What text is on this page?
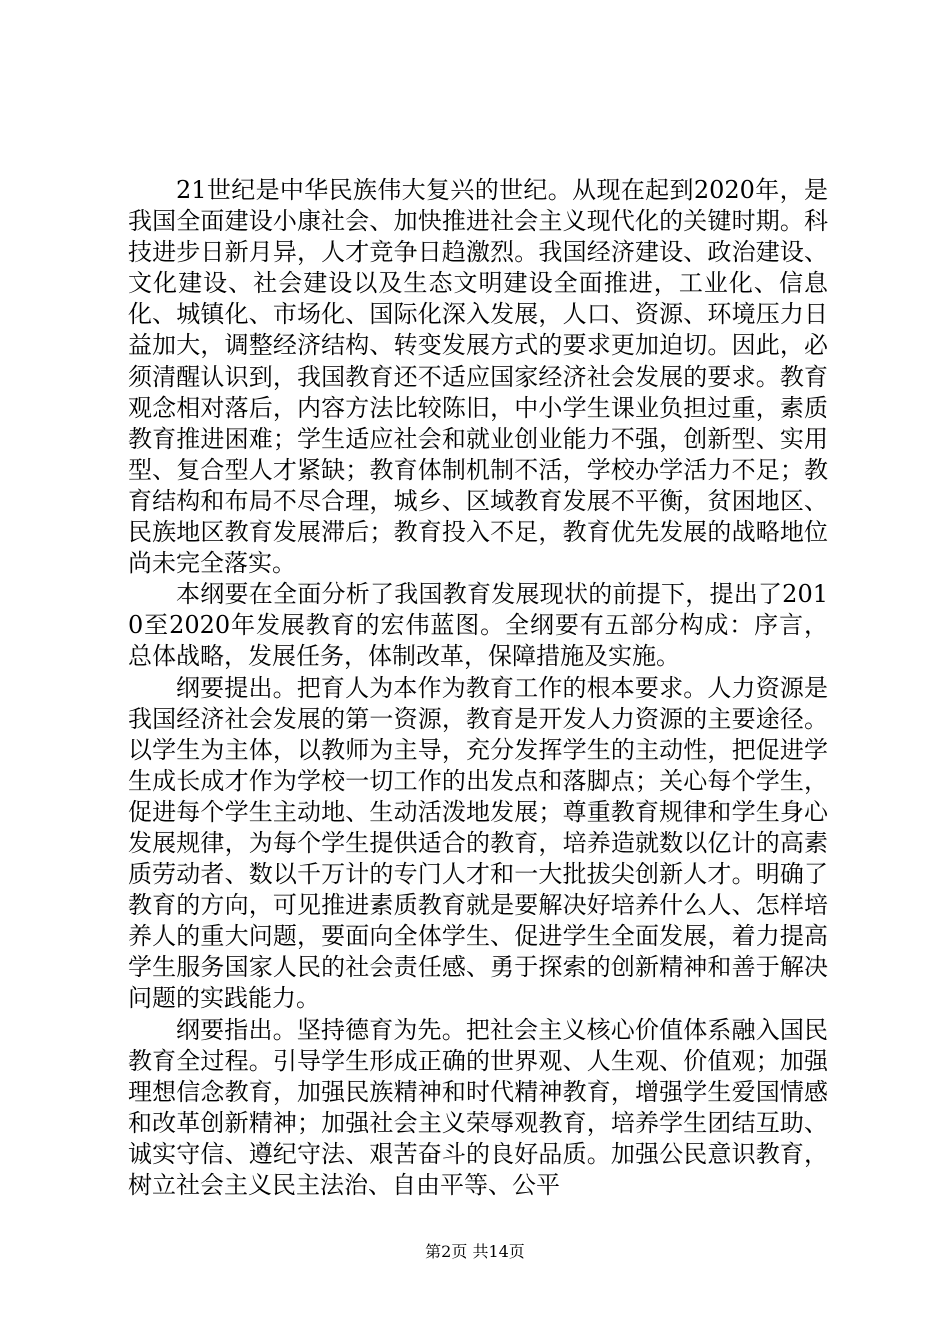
21世纪是中华民族伟大复兴的世纪。从现在起到2020年，是我国全面建设小康社会、加快推进社会主义现代化的关键时期。科技进步日新月异，人才竞争日趋激烈。我国经济建设、政治建设、文化建设、社会建设以及生态文明建设全面推进，工业化、信息化、城镇化、市场化、国际化深入发展，人口、资源、环境压力日益加大，调整经济结构、转变发展方式的要求更加迫切。因此，必须清醒认识到，我国教育还不适应国家经济社会发展的要求。教育观念相对落后，内容方法比较陈旧，中小学生课业负担过重，素质教育推进困难；学生适应社会和就业创业能力不强，创新型、实用型、复合型人才紧缺；教育体制机制不活，学校办学活力不足；教育结构和布局不尽合理，城乡、区域教育发展不平衡，贫困地区、民族地区教育发展滞后；教育投入不足，教育优先发展的战略地位尚未完全落实。

本纲要在全面分析了我国教育发展现状的前提下，提出了2010至2020年发展教育的宏伟蓝图。全纲要有五部分构成：序言，总体战略，发展任务，体制改革，保障措施及实施。

纲要提出。把育人为本作为教育工作的根本要求。人力资源是我国经济社会发展的第一资源，教育是开发人力资源的主要途径。以学生为主体，以教师为主导，充分发挥学生的主动性，把促进学生成长成才作为学校一切工作的出发点和落脚点；关心每个学生，促进每个学生主动地、生动活泼地发展；尊重教育规律和学生身心发展规律，为每个学生提供适合的教育，培养造就数以亿计的高素质劳动者、数以千万计的专门人才和一大批拔尖创新人才。明确了教育的方向，可见推进素质教育就是要解决好培养什么人、怎样培养人的重大问题，要面向全体学生、促进学生全面发展，着力提高学生服务国家人民的社会责任感、勇于探索的创新精神和善于解决问题的实践能力。

纲要指出。坚持德育为先。把社会主义核心价值体系融入国民教育全过程。引导学生形成正确的世界观、人生观、价值观；加强理想信念教育，加强民族精神和时代精神教育，增强学生爱国情感和改革创新精神；加强社会主义荣辱观教育，培养学生团结互助、诚实守信、遵纪守法、艰苦奋斗的良好品质。加强公民意识教育，树立社会主义民主法治、自由平等、公平

第2页 共14页
